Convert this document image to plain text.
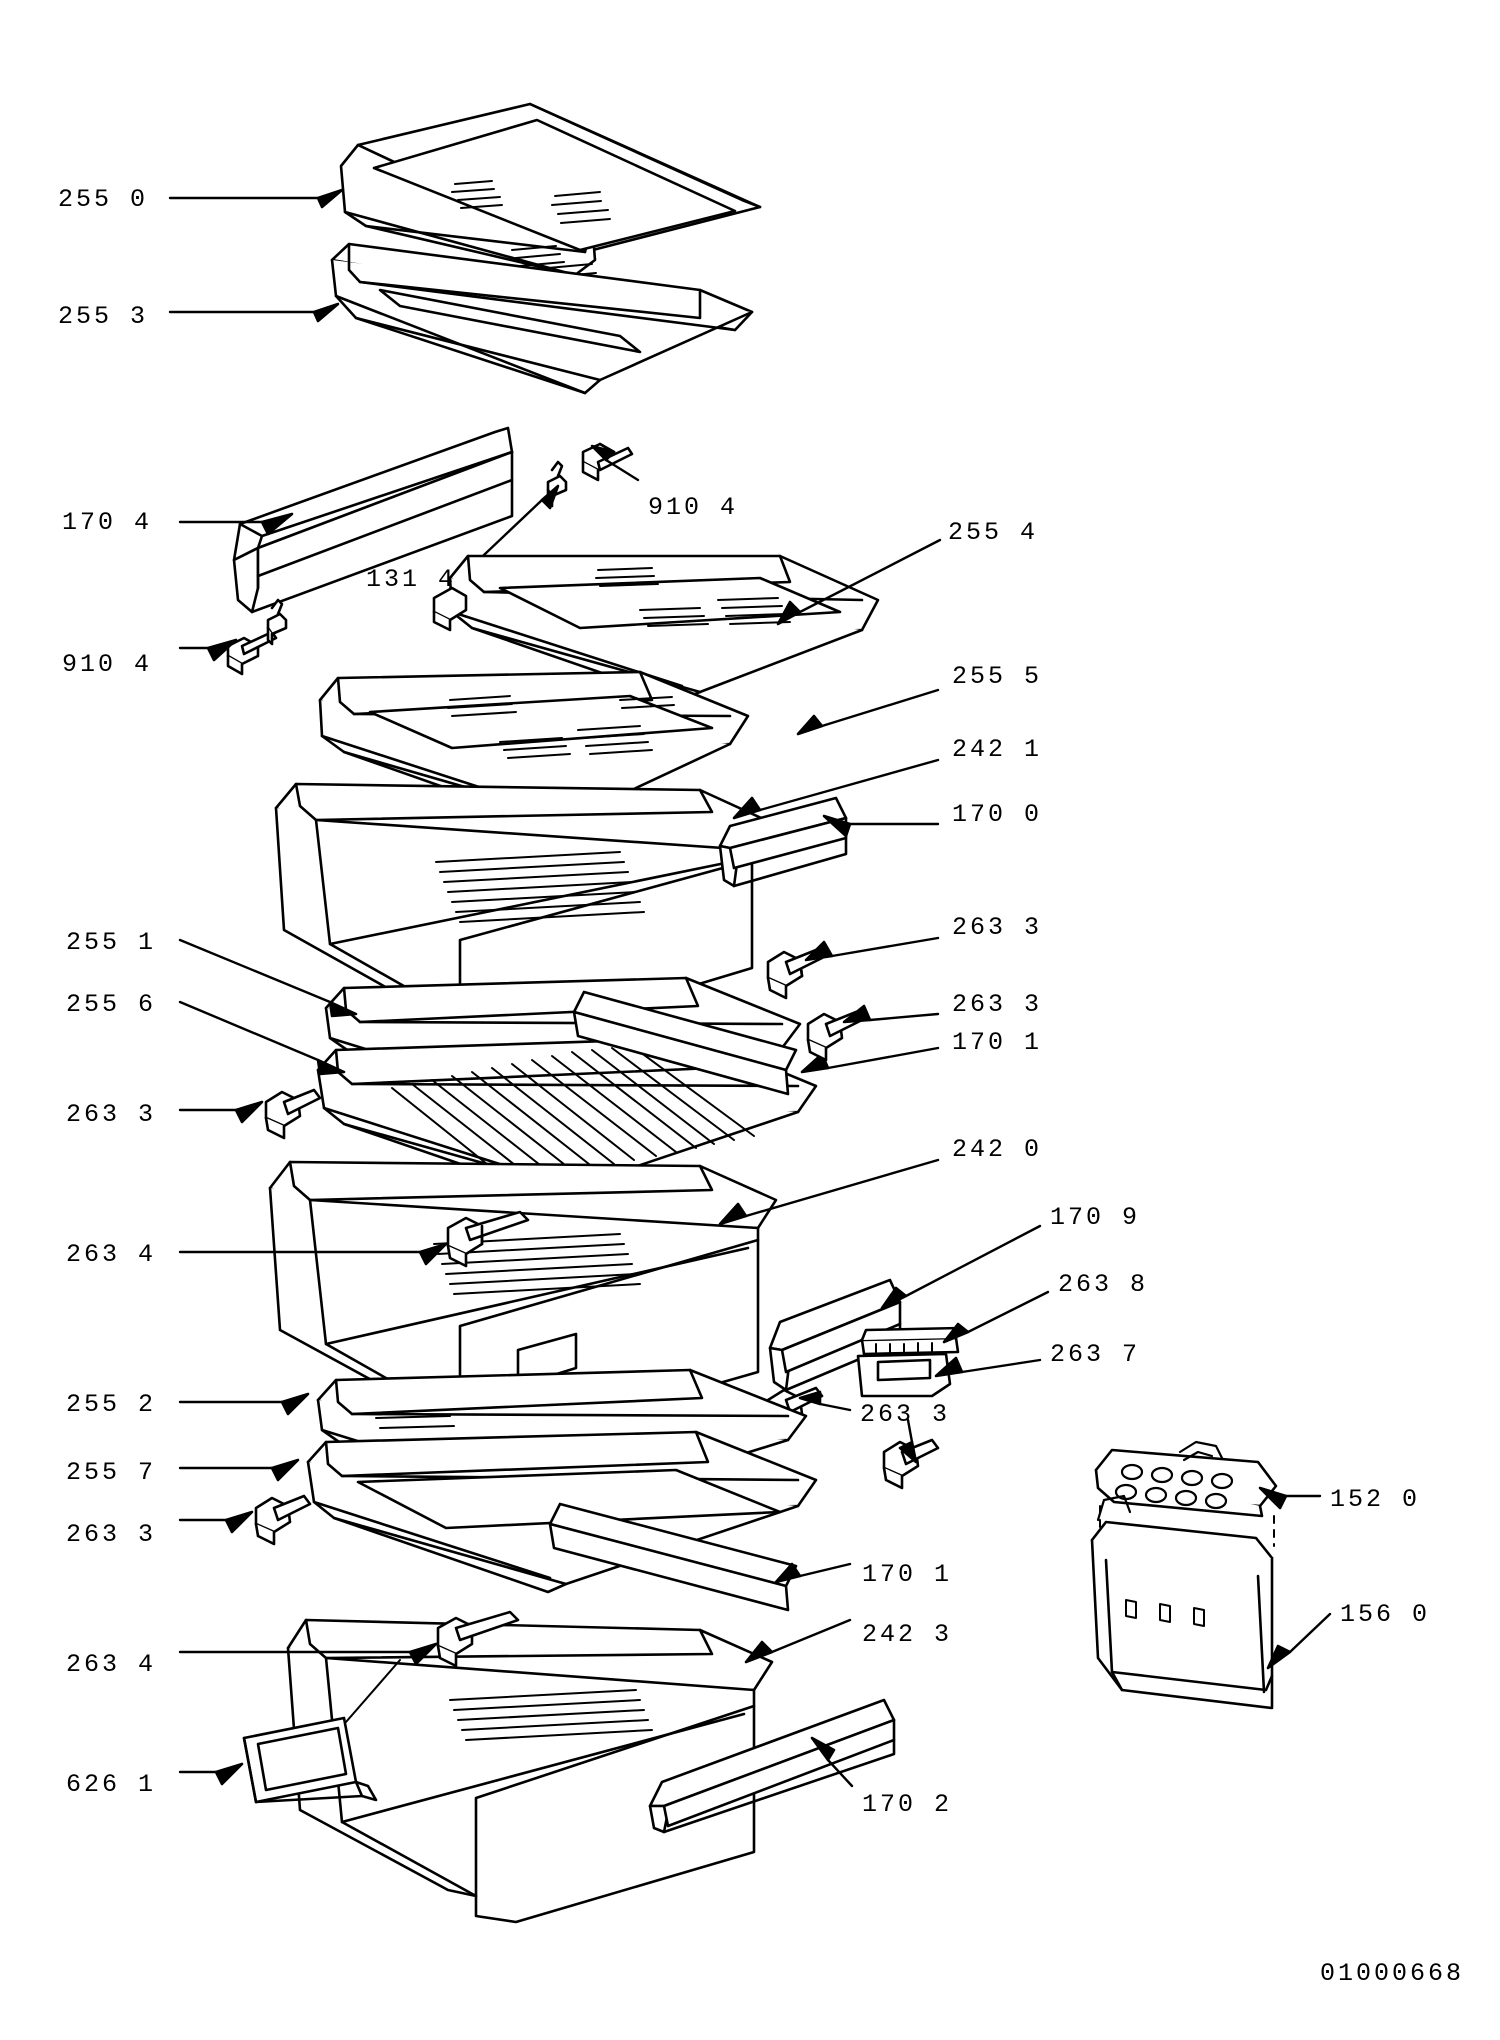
255 0
255 3
170 4
910 4
131 4
255 4
910 4	255 5
242 1
170 0
263 3
255 1
263 3
255 6
170 1
263 3
242 0
170 9
263 4
263 8
263 7
255 2	263 3
152 0
255 7
263 3
170 1
156 0
242 3
263 4
626 1
170 2
01000668
